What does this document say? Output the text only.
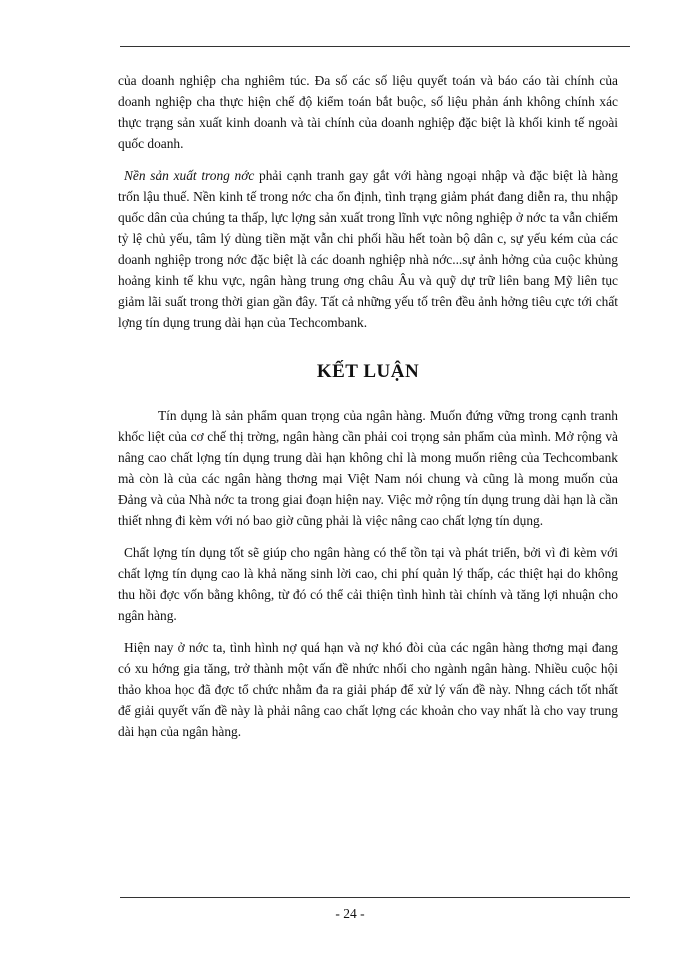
của doanh nghiệp cha nghiêm túc. Đa số các số liệu quyết toán và báo cáo tài chính của doanh nghiệp cha thực hiện chế độ kiểm toán bắt buộc, số liệu phản ánh không chính xác thực trạng sản xuất kinh doanh và tài chính của doanh nghiệp đặc biệt là khối kinh tế ngoài quốc doanh.

Nền sản xuất trong nớc phải cạnh tranh gay gắt với hàng ngoại nhập và đặc biệt là hàng trốn lậu thuế. Nền kinh tế trong nớc cha ổn định, tình trạng giảm phát đang diễn ra, thu nhập quốc dân của chúng ta thấp, lực lợng sản xuất trong lĩnh vực nông nghiệp ở nớc ta vẫn chiếm tỷ lệ chủ yếu, tâm lý dùng tiền mặt vẫn chi phối hầu hết toàn bộ dân c, sự yếu kém của các doanh nghiệp trong nớc đặc biệt là các doanh nghiệp nhà nớc...sự ảnh hởng của cuộc khủng hoảng kinh tế khu vực, ngân hàng trung ơng châu Âu và quỹ dự trữ liên bang Mỹ liên tục giảm lãi suất trong thời gian gần đây. Tất cả những yếu tố trên đều ảnh hởng tiêu cực tới chất lợng tín dụng trung dài hạn của Techcombank.

KẾT LUẬN

Tín dụng là sản phẩm quan trọng của ngân hàng. Muốn đứng vững trong cạnh tranh khốc liệt của cơ chế thị trờng, ngân hàng cần phải coi trọng sản phẩm của mình. Mở rộng và nâng cao chất lợng tín dụng trung dài hạn không chỉ là mong muốn riêng của Techcombank mà còn là của các ngân hàng thơng mại Việt Nam nói chung và cũng là mong muốn của Đảng và của Nhà nớc ta trong giai đoạn hiện nay. Việc mở rộng tín dụng trung dài hạn là cần thiết nhng đi kèm với nó bao giờ cũng phải là việc nâng cao chất lợng tín dụng.

Chất lợng tín dụng tốt sẽ giúp cho ngân hàng có thể tồn tại và phát triển, bởi vì đi kèm với chất lợng tín dụng cao là khả năng sinh lời cao, chi phí quản lý thấp, các thiệt hại do không thu hồi đợc vốn bằng không, từ đó có thể cải thiện tình hình tài chính và tăng lợi nhuận cho ngân hàng.

Hiện nay ở nớc ta, tình hình nợ quá hạn và nợ khó đòi của các ngân hàng thơng mại đang có xu hớng gia tăng, trở thành một vấn đề nhức nhối cho ngành ngân hàng. Nhiều cuộc hội thảo khoa học đã đợc tổ chức nhằm đa ra giải pháp để xử lý vấn đề này. Nhng cách tốt nhất để giải quyết vấn đề này là phải nâng cao chất lợng các khoản cho vay nhất là cho vay trung dài hạn của ngân hàng.

- 24 -
